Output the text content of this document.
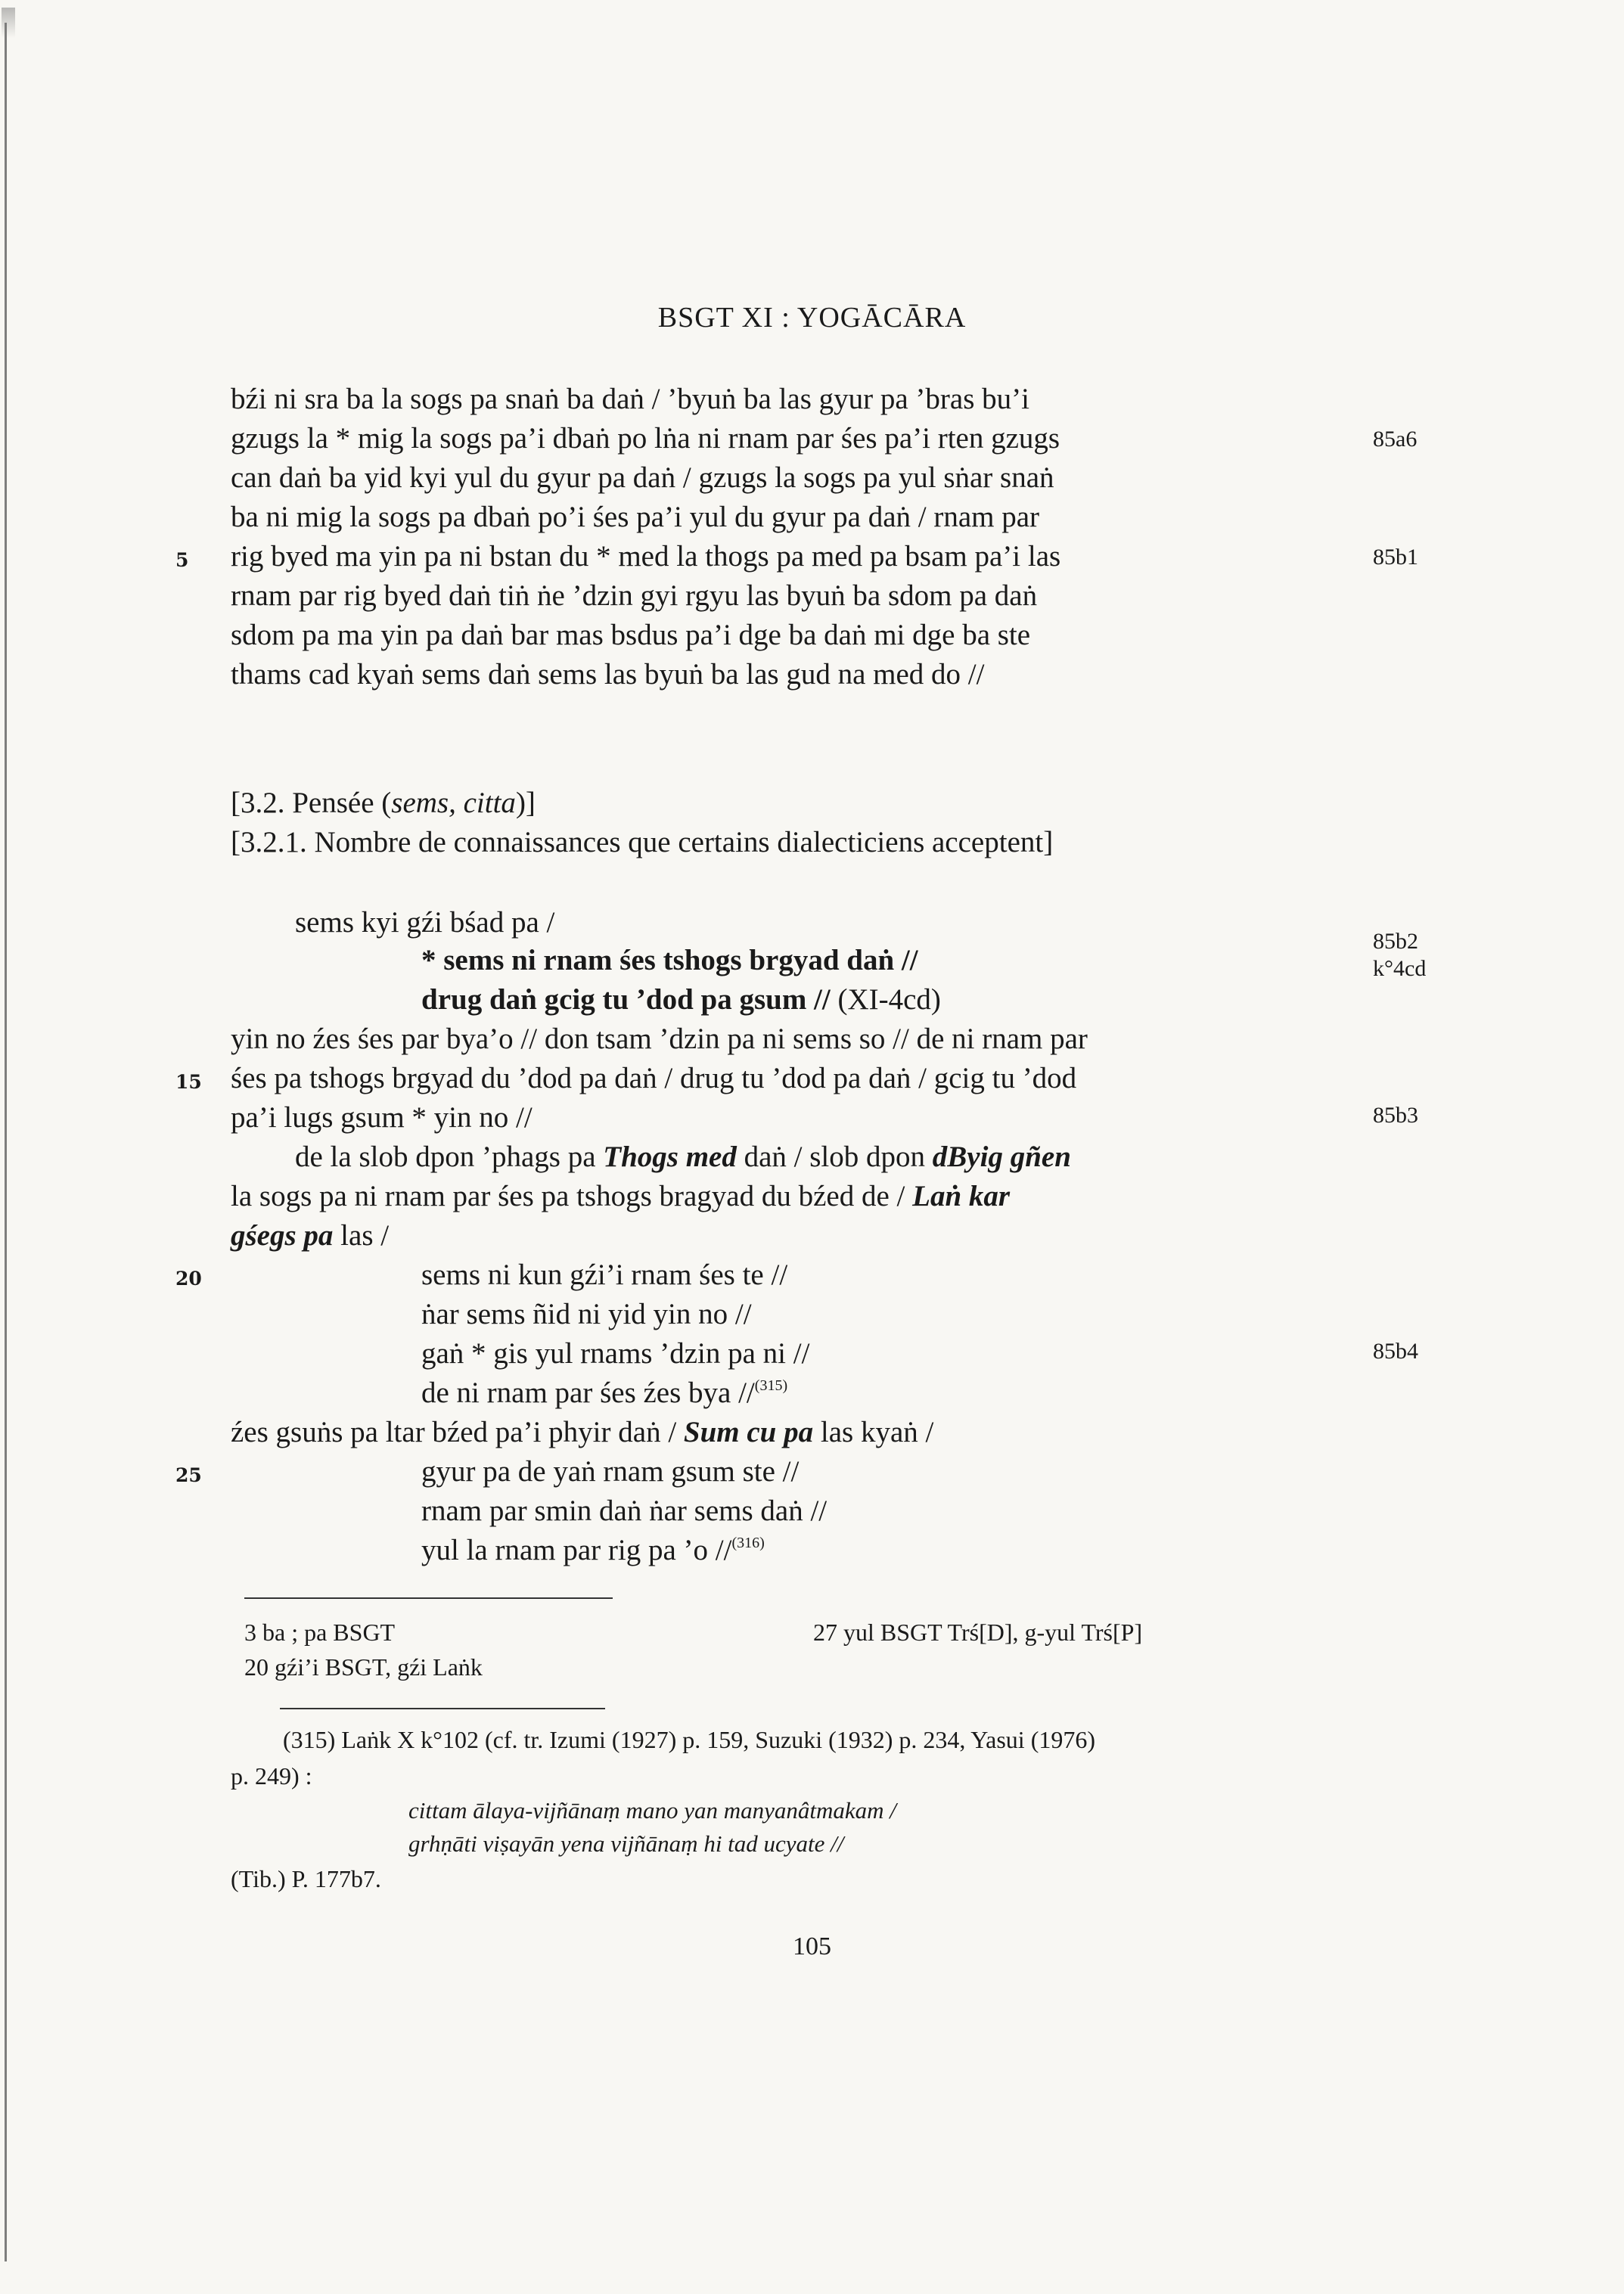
BSGT XI : YOGĀCĀRA
bźi ni sra ba la sogs pa snaṅ ba daṅ / ’byuṅ ba las gyur pa ’bras bu’i
gzugs la * mig la sogs pa’i dbaṅ po lṅa ni rnam par śes pa’i rten gzugs
can daṅ ba yid kyi yul du gyur pa daṅ / gzugs la sogs pa yul sṅar snaṅ
ba ni mig la sogs pa dbaṅ po’i śes pa’i yul du gyur pa daṅ / rnam par
rig byed ma yin pa ni bstan du * med la thogs pa med pa bsam pa’i las
rnam par rig byed daṅ tiṅ ṅe ’dzin gyi rgyu las byuṅ ba sdom pa daṅ
sdom pa ma yin pa daṅ bar mas bsdus pa’i dge ba daṅ mi dge ba ste
thams cad kyaṅ sems daṅ sems las byuṅ ba las gud na med do //
[3.2. Pensée (sems, citta)]
[3.2.1. Nombre de connaissances que certains dialecticiens acceptent]
sems kyi gźi bśad pa /
* sems ni rnam śes tshogs brgyad daṅ //
drug daṅ gcig tu ’dod pa gsum // (XI-4cd)
yin no źes śes par bya’o // don tsam ’dzin pa ni sems so // de ni rnam par
śes pa tshogs brgyad du ’dod pa daṅ / drug tu ’dod pa daṅ / gcig tu ’dod
pa’i lugs gsum * yin no //
de la slob dpon ’phags pa Thogs med daṅ / slob dpon dByig gñen
la sogs pa ni rnam par śes pa tshogs bragyad du bźed de / Laṅ kar
gśegs pa las /
sems ni kun gźi’i rnam śes te //
ṅar sems ñid ni yid yin no //
gaṅ * gis yul rnams ’dzin pa ni //
de ni rnam par śes źes bya //$^{(315)}$
źes gsuṅs pa ltar bźed pa’i phyir daṅ / Sum cu pa las kyaṅ /
gyur pa de yaṅ rnam gsum ste //
rnam par smin daṅ ṅar sems daṅ //
yul la rnam par rig pa ’o //$^{(316)}$
5
15
20
25
85a6
85b1
85b2
k°4cd
85b3
85b4
3 ba ; pa BSGT
20 gźi’i BSGT, gźi Laṅk
27 yul BSGT Trś[D], g-yul Trś[P]
(315) Laṅk X k°102 (cf. tr. Izumi (1927) p. 159, Suzuki (1932) p. 234, Yasui (1976)
p. 249) :
cittam ālaya-vijñānaṃ mano yan manyanâtmakam /
grhṇāti viṣayān yena vijñānaṃ hi tad ucyate //
(Tib.) P. 177b7.
105
